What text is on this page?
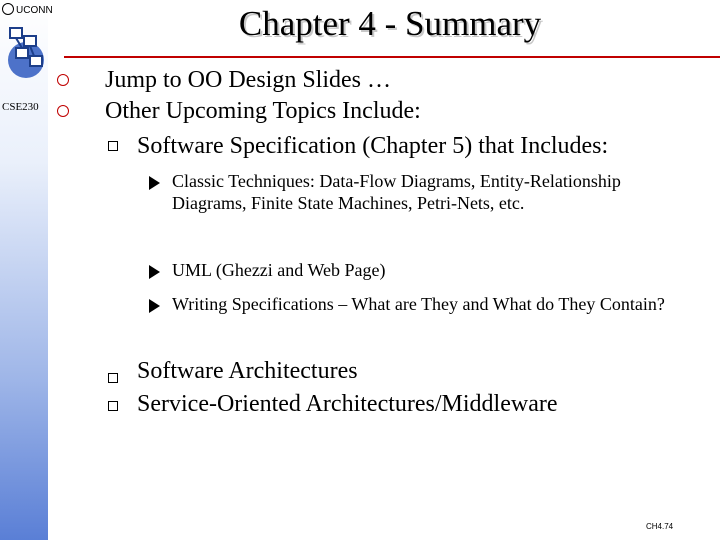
UCONN
CSE230
Chapter 4 - Summary
Jump to OO Design Slides …
Other Upcoming Topics Include:
Software Specification (Chapter 5) that Includes:
Classic Techniques: Data-Flow Diagrams, Entity-Relationship Diagrams, Finite State Machines, Petri-Nets, etc.
UML (Ghezzi and Web Page)
Writing Specifications – What are They and What do They Contain?
Software Architectures
Service-Oriented Architectures/Middleware
CH4.74
